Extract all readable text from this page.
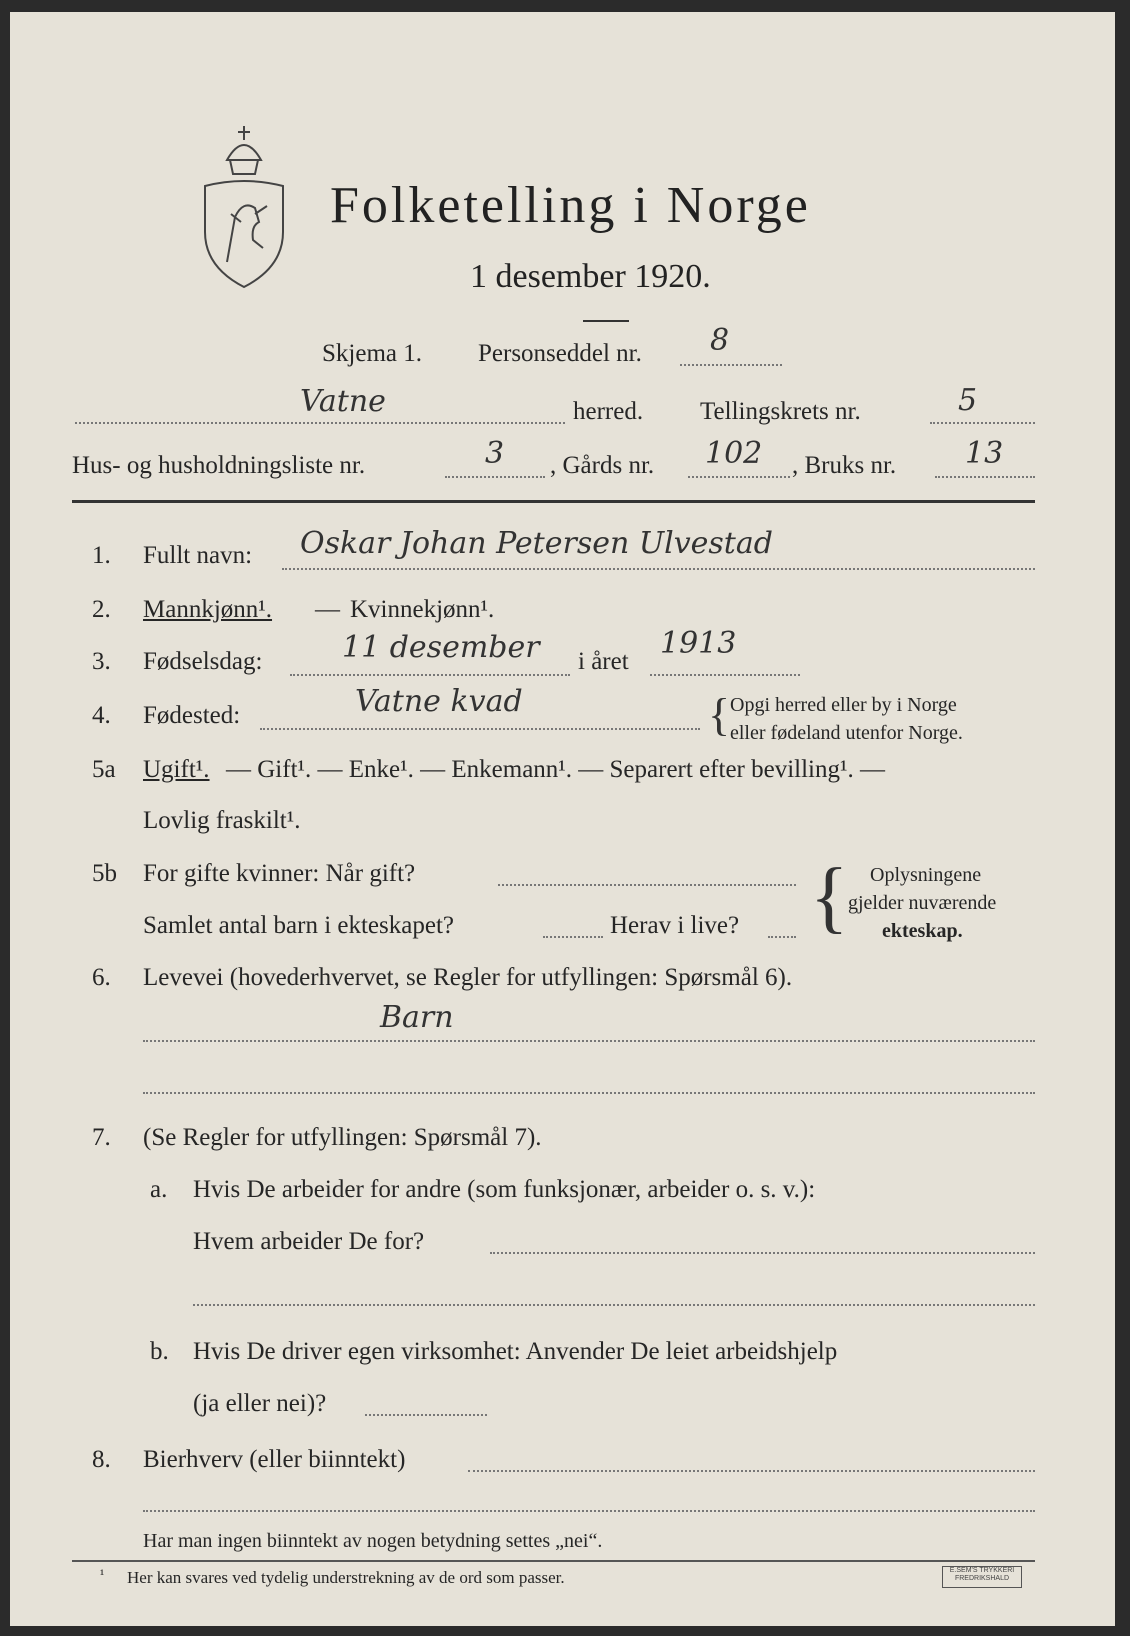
Folketelling i Norge
1 desember 1920.
Skjema 1. Personseddel nr. 8
Vatne	herred. Tellingskrets nr.	5
Hus- og husholdningsliste nr.	3 , Gårds nr. 102 , Bruks nr. 13
1. Fullt navn: Oskar Johan Petersen Ulvestad
2. Mannkjønn¹. — Kvinnekjønn¹.
3. Fødselsdag:	11 desember i året
1913
4. Fødested:	Vatne kvad	{ Opgi herred eller by i Norge
eller fødeland utenfor Norge.
5a Ugift¹. — Gift¹. — Enke¹. — Enkemann¹. — Separert efter bevilling¹. —
Lovlig fraskilt¹.
5b For gifte kvinner: Når gift?
Samlet antal barn i ekteskapet?	Herav i live? { Oplysningene
gjelder nuværende
ekteskap.
6. Levevei (hovederhvervet, se Regler for utfyllingen: Spørsmål 6).
Barn
7. (Se Regler for utfyllingen: Spørsmål 7).
a. Hvis De arbeider for andre (som funksjonær, arbeider o. s. v.):
Hvem arbeider De for?
b. Hvis De driver egen virksomhet: Anvender De leiet arbeidshjelp
(ja eller nei)?
8. Bierhverv (eller biinntekt)
Har man ingen biinntekt av nogen betydning settes „nei“.
¹ Her kan svares ved tydelig understrekning av de ord som passer.	E.SEM'S TRYKKERI FREDRIKSHALD
